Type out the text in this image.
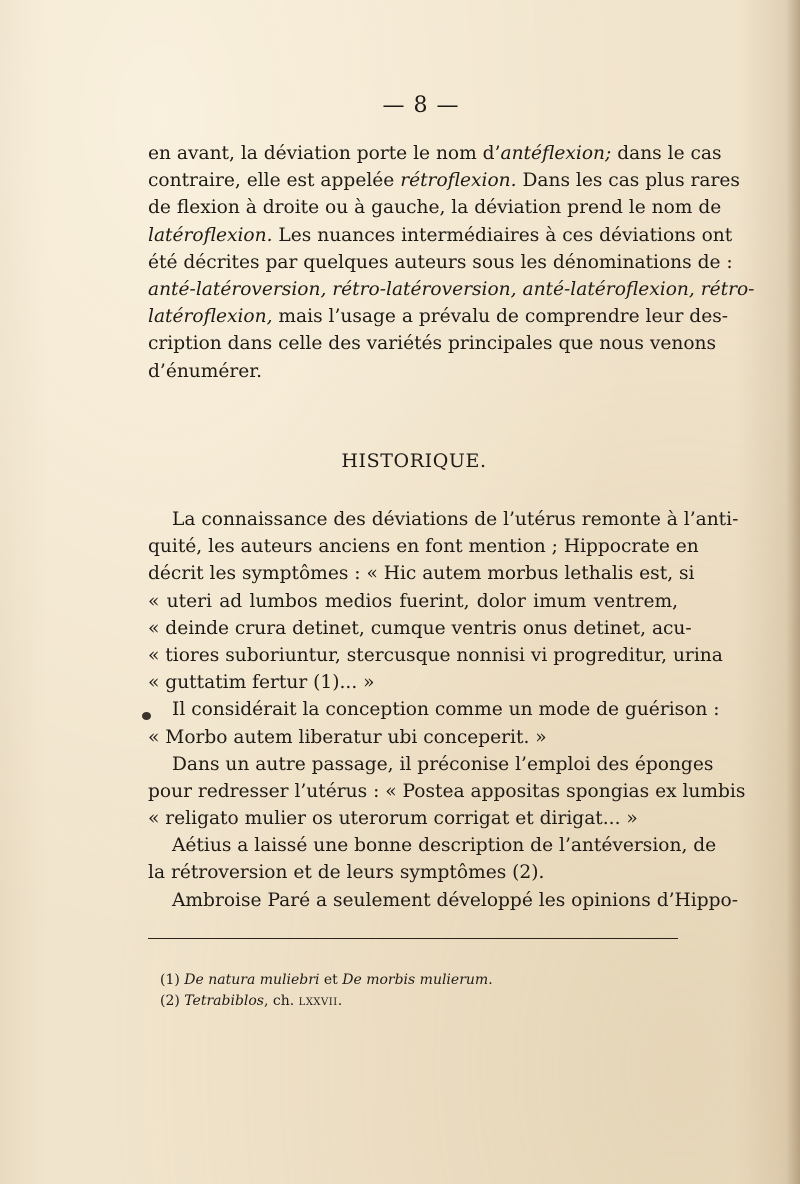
— 8 —
en avant, la déviation porte le nom d’antéflexion; dans le cas
contraire, elle est appelée rétroflexion. Dans les cas plus rares
de flexion à droite ou à gauche, la déviation prend le nom de
latéroflexion. Les nuances intermédiaires à ces déviations ont
été décrites par quelques auteurs sous les dénominations de :
anté-latéroversion, rétro-latéroversion, anté-latéroflexion, rétro-
latéroflexion, mais l’usage a prévalu de comprendre leur des-
cription dans celle des variétés principales que nous venons
d’énumérer.
HISTORIQUE.
La connaissance des déviations de l’utérus remonte à l’anti-
quité, les auteurs anciens en font mention ; Hippocrate en
décrit les symptômes : « Hic autem morbus lethalis est, si
« uteri ad lumbos medios fuerint, dolor imum ventrem,
« deinde crura detinet, cumque ventris onus detinet, acu-
« tiores suboriuntur, stercusque nonnisi vi progreditur, urina
« guttatim fertur (1)... »
Il considérait la conception comme un mode de guérison :
« Morbo autem liberatur ubi conceperit. »
Dans un autre passage, il préconise l’emploi des éponges
pour redresser l’utérus : « Postea appositas spongias ex lumbis
« religato mulier os uterorum corrigat et dirigat... »
Aétius a laissé une bonne description de l’antéversion, de
la rétroversion et de leurs symptômes (2).
Ambroise Paré a seulement développé les opinions d’Hippo-
(1) De natura muliebri et De morbis mulierum.
(2) Tetrabiblos, ch. lxxvii.
